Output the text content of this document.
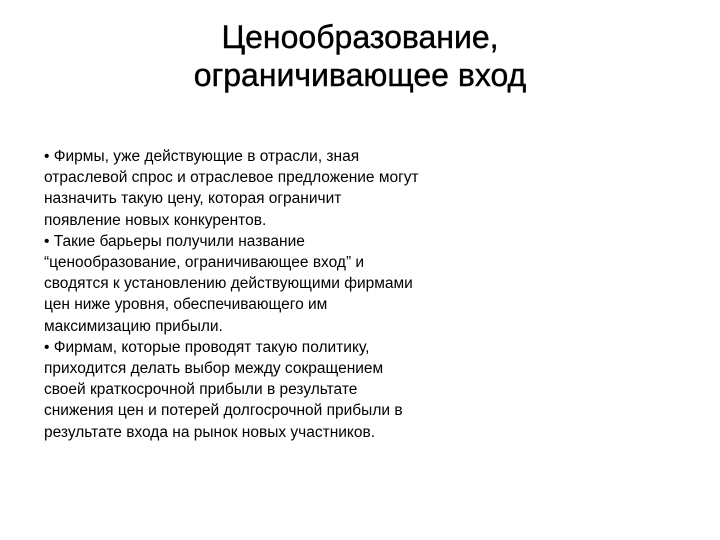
Ценообразование,
ограничивающее вход

• Фирмы, уже действующие в отрасли, зная
отраслевой спрос и отраслевое предложение могут
назначить такую цену, которая ограничит
появление новых конкурентов.

• Такие барьеры получили название
“ценообразование, ограничивающее вход” и
сводятся к установлению действующими фирмами
цен ниже уровня, обеспечивающего им
максимизацию прибыли.

• Фирмам, которые проводят такую политику,
приходится делать выбор между сокращением
своей краткосрочной прибыли в результате
снижения цен и потерей долгосрочной прибыли в
результате входа на рынок новых участников.
